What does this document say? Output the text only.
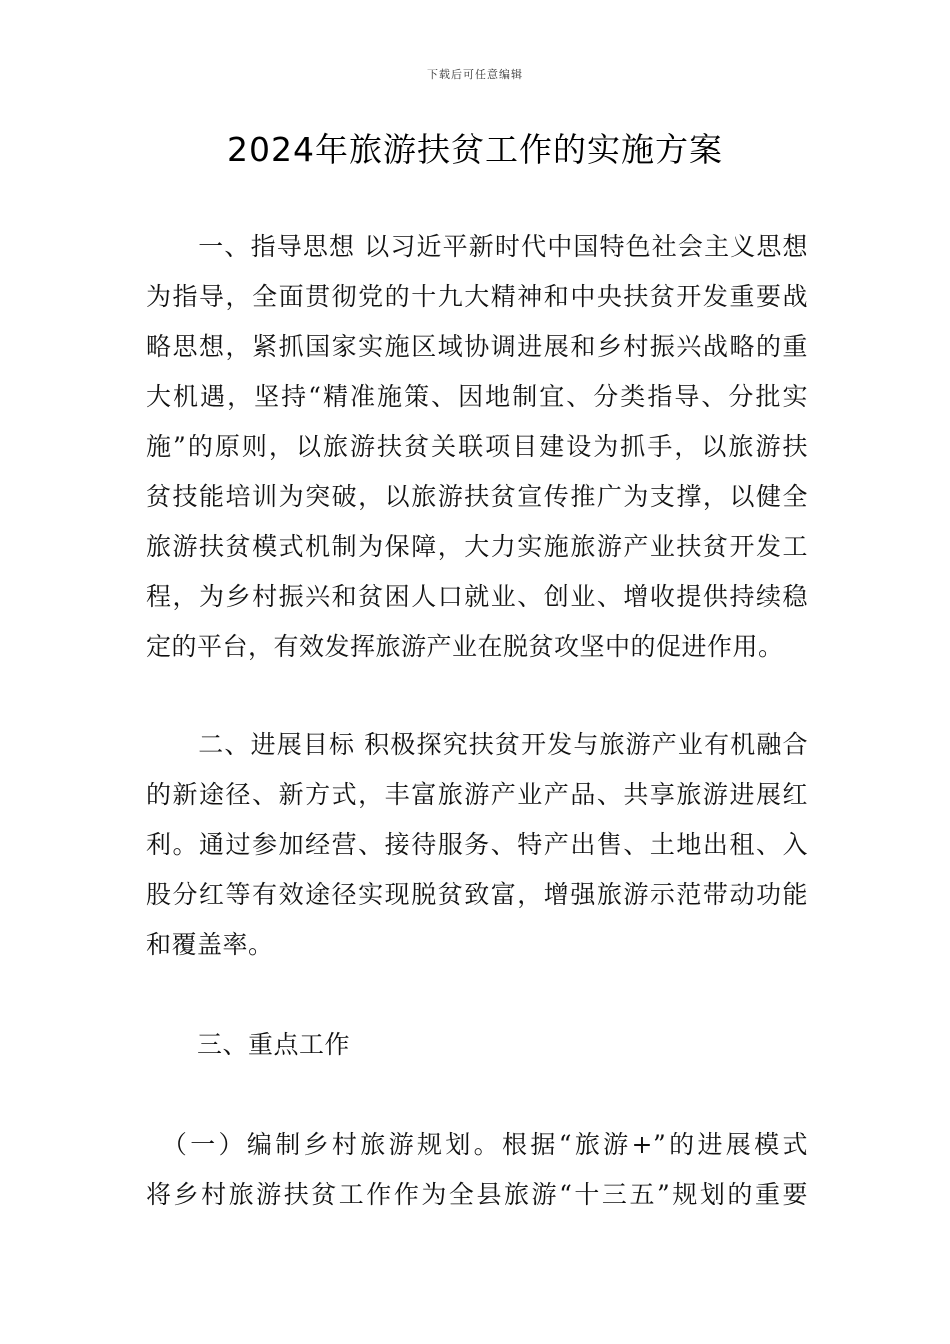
下载后可任意编辑
2024年旅游扶贫工作的实施方案
　　一、指导思想 以习近平新时代中国特色社会主义思想
为指导，全面贯彻党的十九大精神和中央扶贫开发重要战
略思想，紧抓国家实施区域协调进展和乡村振兴战略的重
大机遇，坚持“精准施策、因地制宜、分类指导、分批实
施”的原则，以旅游扶贫关联项目建设为抓手，以旅游扶
贫技能培训为突破，以旅游扶贫宣传推广为支撑，以健全
旅游扶贫模式机制为保障，大力实施旅游产业扶贫开发工
程，为乡村振兴和贫困人口就业、创业、增收提供持续稳
定的平台，有效发挥旅游产业在脱贫攻坚中的促进作用。
　　二、进展目标 积极探究扶贫开发与旅游产业有机融合
的新途径、新方式，丰富旅游产业产品、共享旅游进展红
利。通过参加经营、接待服务、特产出售、土地出租、入
股分红等有效途径实现脱贫致富，增强旅游示范带动功能
和覆盖率。
　　三、重点工作
　（一）编制乡村旅游规划。根据“旅游+”的进展模式
将乡村旅游扶贫工作作为全县旅游“十三五”规划的重要
